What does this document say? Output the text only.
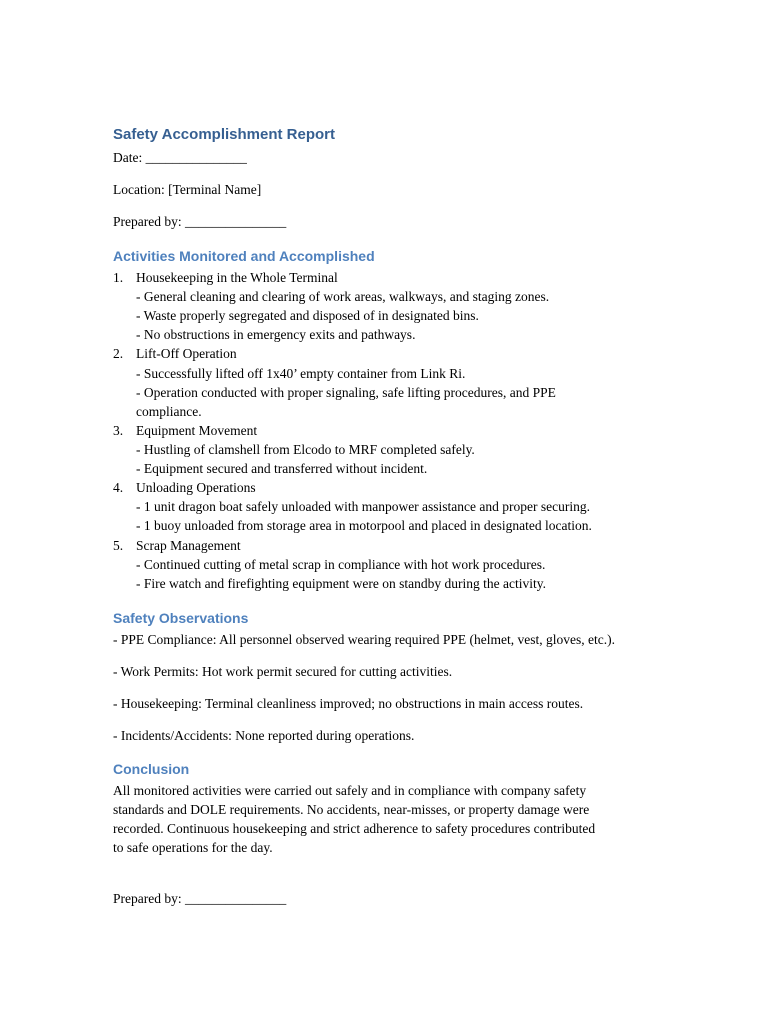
Safety Accomplishment Report
Date: _______________
Location: [Terminal Name]
Prepared by: _______________
Activities Monitored and Accomplished
1. Housekeeping in the Whole Terminal
- General cleaning and clearing of work areas, walkways, and staging zones.
- Waste properly segregated and disposed of in designated bins.
- No obstructions in emergency exits and pathways.
2. Lift-Off Operation
- Successfully lifted off 1x40’ empty container from Link Ri.
- Operation conducted with proper signaling, safe lifting procedures, and PPE
compliance.
3. Equipment Movement
- Hustling of clamshell from Elcodo to MRF completed safely.
- Equipment secured and transferred without incident.
4. Unloading Operations
- 1 unit dragon boat safely unloaded with manpower assistance and proper securing.
- 1 buoy unloaded from storage area in motorpool and placed in designated location.
5. Scrap Management
- Continued cutting of metal scrap in compliance with hot work procedures.
- Fire watch and firefighting equipment were on standby during the activity.
Safety Observations
- PPE Compliance: All personnel observed wearing required PPE (helmet, vest, gloves, etc.).
- Work Permits: Hot work permit secured for cutting activities.
- Housekeeping: Terminal cleanliness improved; no obstructions in main access routes.
- Incidents/Accidents: None reported during operations.
Conclusion
All monitored activities were carried out safely and in compliance with company safety
standards and DOLE requirements. No accidents, near-misses, or property damage were
recorded. Continuous housekeeping and strict adherence to safety procedures contributed
to safe operations for the day.
Prepared by: _______________
